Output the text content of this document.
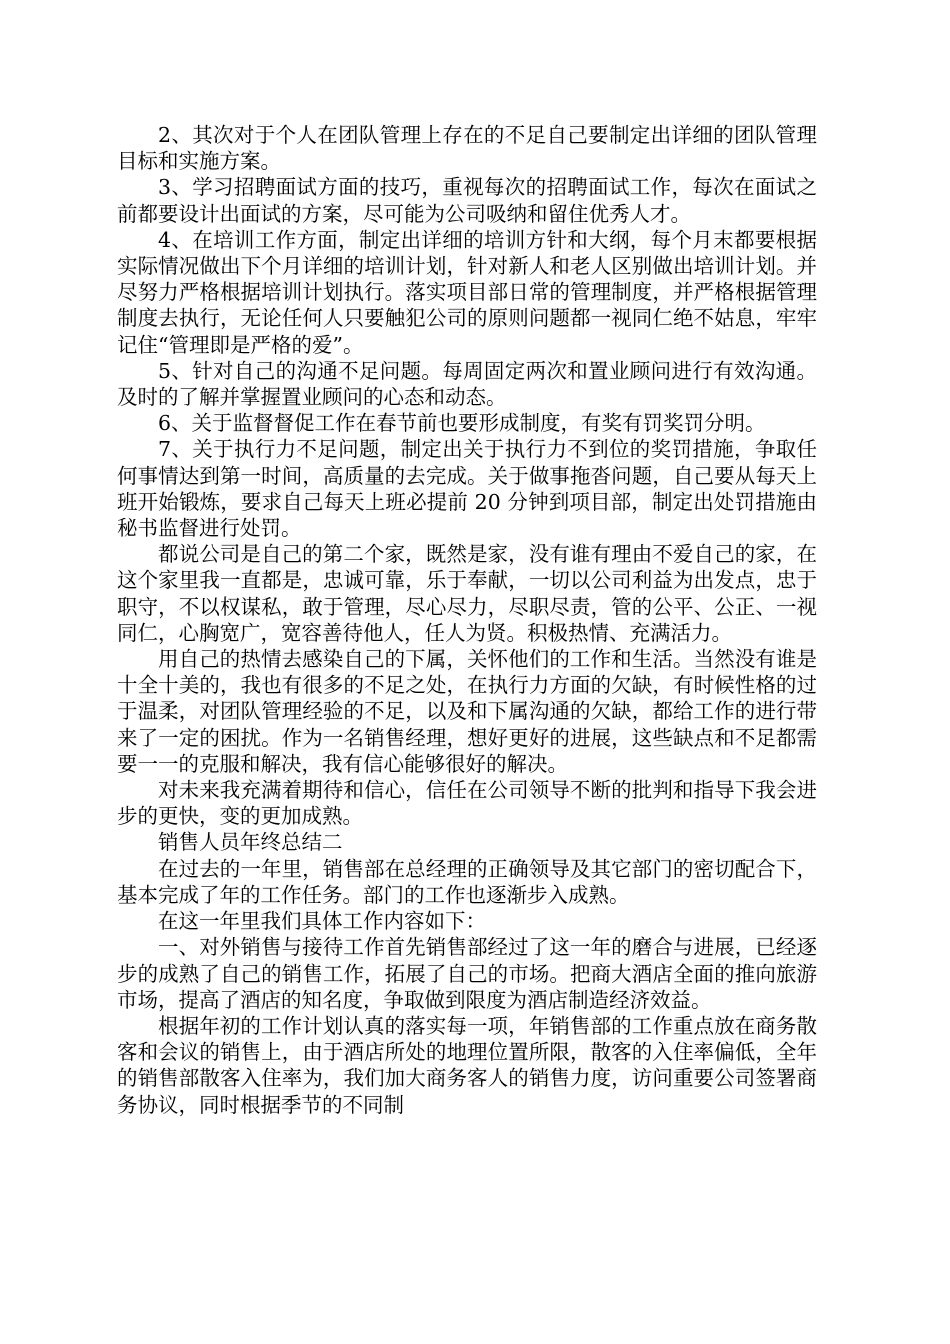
2、其次对于个人在团队管理上存在的不足自己要制定出详细的团队管理目标和实施方案。

3、学习招聘面试方面的技巧，重视每次的招聘面试工作，每次在面试之前都要设计出面试的方案，尽可能为公司吸纳和留住优秀人才。

4、在培训工作方面，制定出详细的培训方针和大纲，每个月末都要根据实际情况做出下个月详细的培训计划，针对新人和老人区别做出培训计划。并尽努力严格根据培训计划执行。落实项目部日常的管理制度，并严格根据管理制度去执行，无论任何人只要触犯公司的原则问题都一视同仁绝不姑息，牢牢记住“管理即是严格的爱”。

5、针对自己的沟通不足问题。每周固定两次和置业顾问进行有效沟通。及时的了解并掌握置业顾问的心态和动态。

6、关于监督督促工作在春节前也要形成制度，有奖有罚奖罚分明。

7、关于执行力不足问题，制定出关于执行力不到位的奖罚措施，争取任何事情达到第一时间，高质量的去完成。关于做事拖沓问题，自己要从每天上班开始锻炼，要求自己每天上班必提前 20 分钟到项目部，制定出处罚措施由秘书监督进行处罚。

都说公司是自己的第二个家，既然是家，没有谁有理由不爱自己的家，在这个家里我一直都是，忠诚可靠，乐于奉献，一切以公司利益为出发点，忠于职守，不以权谋私，敢于管理，尽心尽力，尽职尽责，管的公平、公正、一视同仁，心胸宽广，宽容善待他人，任人为贤。积极热情、充满活力。

用自己的热情去感染自己的下属，关怀他们的工作和生活。当然没有谁是十全十美的，我也有很多的不足之处，在执行力方面的欠缺，有时候性格的过于温柔，对团队管理经验的不足，以及和下属沟通的欠缺，都给工作的进行带来了一定的困扰。作为一名销售经理，想好更好的进展，这些缺点和不足都需要一一的克服和解决，我有信心能够很好的解决。

对未来我充满着期待和信心，信任在公司领导不断的批判和指导下我会进步的更快，变的更加成熟。

销售人员年终总结二

在过去的一年里，销售部在总经理的正确领导及其它部门的密切配合下，基本完成了年的工作任务。部门的工作也逐渐步入成熟。

在这一年里我们具体工作内容如下：

一、对外销售与接待工作首先销售部经过了这一年的磨合与进展，已经逐步的成熟了自己的销售工作，拓展了自己的市场。把商大酒店全面的推向旅游市场，提高了酒店的知名度，争取做到限度为酒店制造经济效益。

根据年初的工作计划认真的落实每一项，年销售部的工作重点放在商务散客和会议的销售上，由于酒店所处的地理位置所限，散客的入住率偏低，全年的销售部散客入住率为，我们加大商务客人的销售力度，访问重要公司签署商务协议，同时根据季节的不同制
